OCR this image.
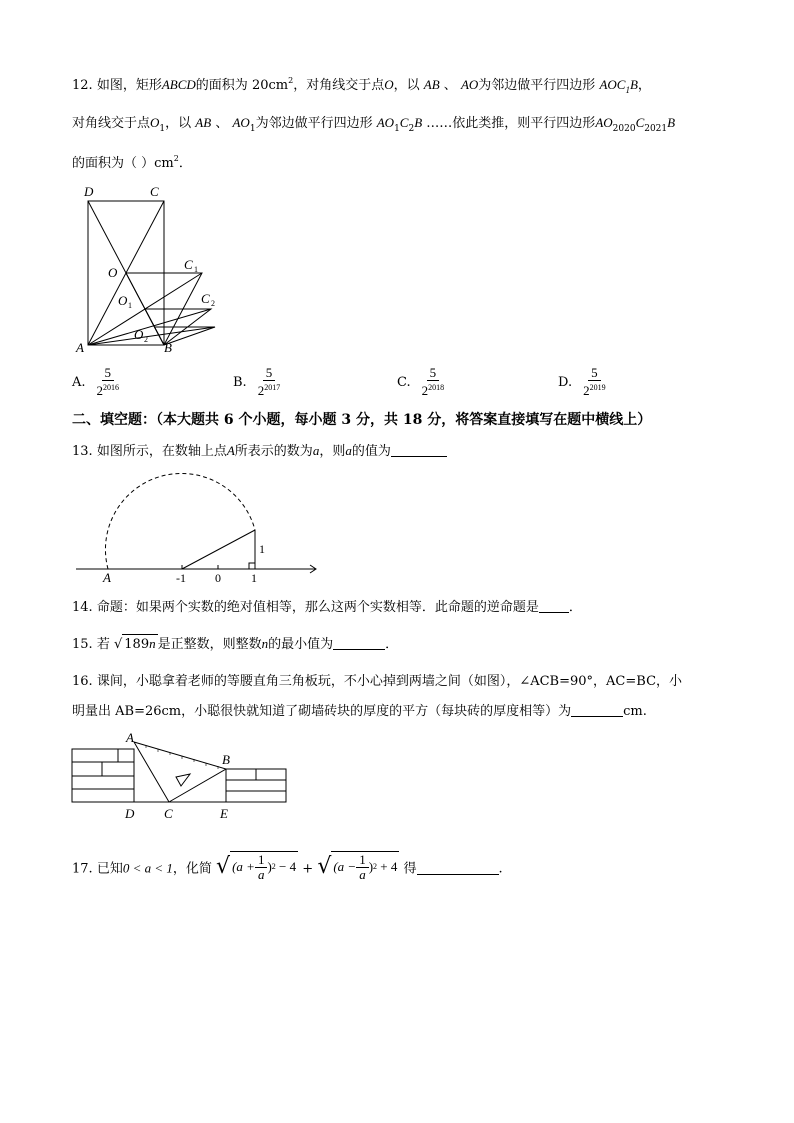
12. 如图，矩形ABCD的面积为 $20cm^2$，对角线交于点O，以 AB 、 AO为邻边做平行四边形 $AOC_1B$，
对角线交于点$O_1$，以 AB 、 $AO_1$为邻边做平行四边形 $AO_1C_2B$ ……依此类推，则平行四边形$AO_{2020}C_{2021}B$
的面积为（ ）$cm^2$．
D	C
O
C 1
O 1	C 2
O 2
A	B
A. $\frac{5}{2^{2016}}$	B. $\frac{5}{2^{2017}}$	C. $\frac{5}{2^{2018}}$	D. $\frac{5}{2^{2019}}$
二、填空题：（本大题共 6 个小题，每小题 3 分，共 18 分，将答案直接填写在题中横线上）
13. 如图所示，在数轴上点A所表示的数为a，则a的值为
A	-1 0	1
1
14. 命题：如果两个实数的绝对值相等，那么这两个实数相等．此命题的逆命题是 ．
15. 若 √ 189n 是正整数，则整数n的最小值为	．
16. 课间，小聪拿着老师的等腰直角三角板玩，不小心掉到两墙之间（如图），∠ACB=90°，AC=BC，小
明量出 AB=26cm，小聪很快就知道了砌墙砖块的厚度的平方（每块砖的厚度相等）为	cm.
A
B
D C	E
17. 已知0 < a < 1，化简 √ ($a + \frac{1}{a}$ ) 2
− 4 + √ ($a - \frac{1}{a}$ ) 2
+ 4 得	.
